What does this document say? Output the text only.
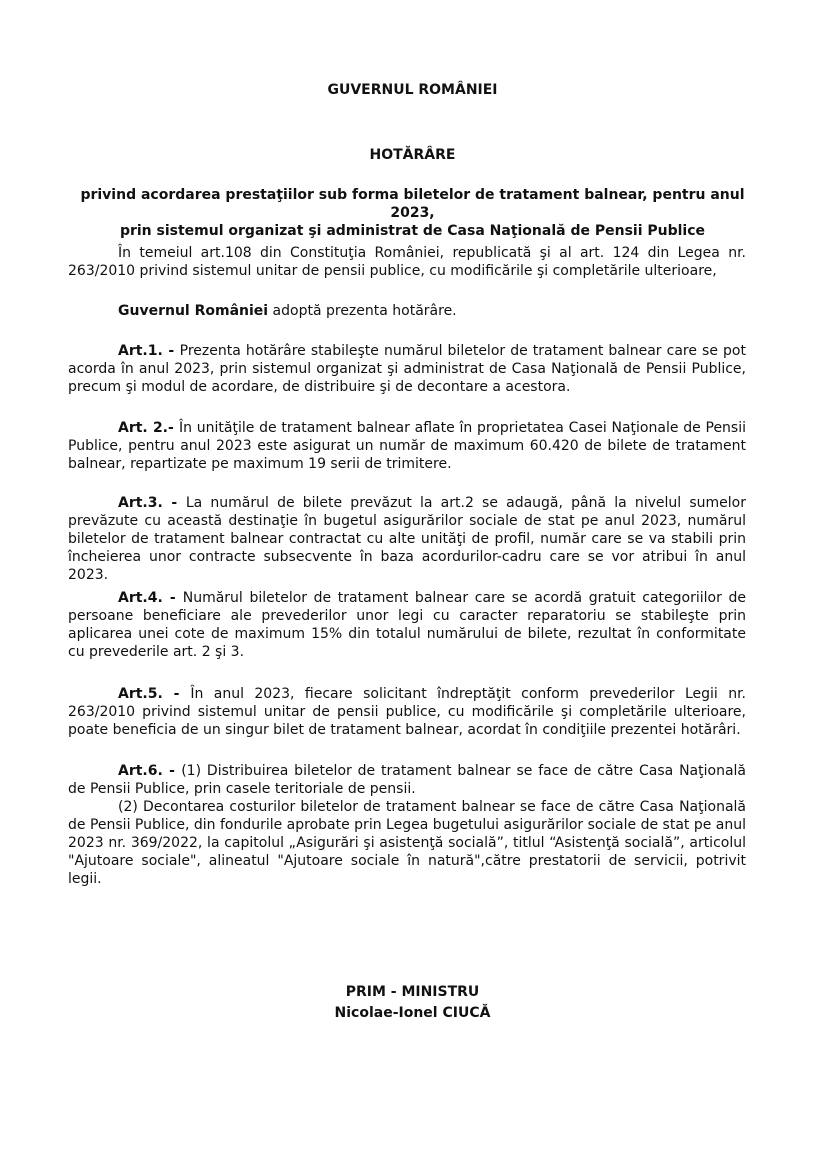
GUVERNUL ROMÂNIEI
HOTĂRÂRE
privind acordarea prestaţiilor sub forma biletelor de tratament balnear, pentru anul 2023,
prin sistemul organizat şi administrat de Casa Naţională de Pensii Publice
În temeiul art.108 din Constituţia României, republicată şi al art. 124 din Legea nr. 263/2010 privind sistemul unitar de pensii publice, cu modificările şi completările ulterioare,
Guvernul României adoptă prezenta hotărâre.
Art.1. - Prezenta hotărâre stabileşte numărul biletelor de tratament balnear care se pot acorda în anul 2023, prin sistemul organizat şi administrat de Casa Naţională de Pensii Publice, precum şi modul de acordare, de distribuire şi de decontare a acestora.
Art. 2.- În unităţile de tratament balnear aflate în proprietatea Casei Naţionale de Pensii Publice, pentru anul 2023 este asigurat un număr de maximum 60.420 de bilete de tratament balnear, repartizate pe maximum 19 serii de trimitere.
Art.3. - La numărul de bilete prevăzut la art.2 se adaugă, până la nivelul sumelor prevăzute cu această destinaţie în bugetul asigurărilor sociale de stat pe anul 2023, numărul biletelor de tratament balnear contractat cu alte unităţi de profil, număr care se va stabili prin încheierea unor contracte subsecvente în baza acordurilor-cadru care se vor atribui în anul 2023.
Art.4. - Numărul biletelor de tratament balnear care se acordă gratuit categoriilor de persoane beneficiare ale prevederilor unor legi cu caracter reparatoriu se stabileşte prin aplicarea unei cote de maximum 15% din totalul numărului de bilete, rezultat în conformitate cu prevederile art. 2 şi 3.
Art.5. - În anul 2023, fiecare solicitant îndreptăţit conform prevederilor Legii nr. 263/2010 privind sistemul unitar de pensii publice, cu modificările şi completările ulterioare, poate beneficia de un singur bilet de tratament balnear, acordat în condiţiile prezentei hotărâri.
Art.6. - (1) Distribuirea biletelor de tratament balnear se face de către Casa Naţională de Pensii Publice, prin casele teritoriale de pensii.
(2) Decontarea costurilor biletelor de tratament balnear se face de către Casa Naţională de Pensii Publice, din fondurile aprobate prin Legea bugetului asigurărilor sociale de stat pe anul 2023 nr. 369/2022, la capitolul „Asigurări şi asistenţă socială”, titlul “Asistenţă socială”, articolul "Ajutoare sociale", alineatul "Ajutoare sociale în natură",către prestatorii de servicii, potrivit legii.
PRIM - MINISTRU
Nicolae-Ionel CIUCĂ
